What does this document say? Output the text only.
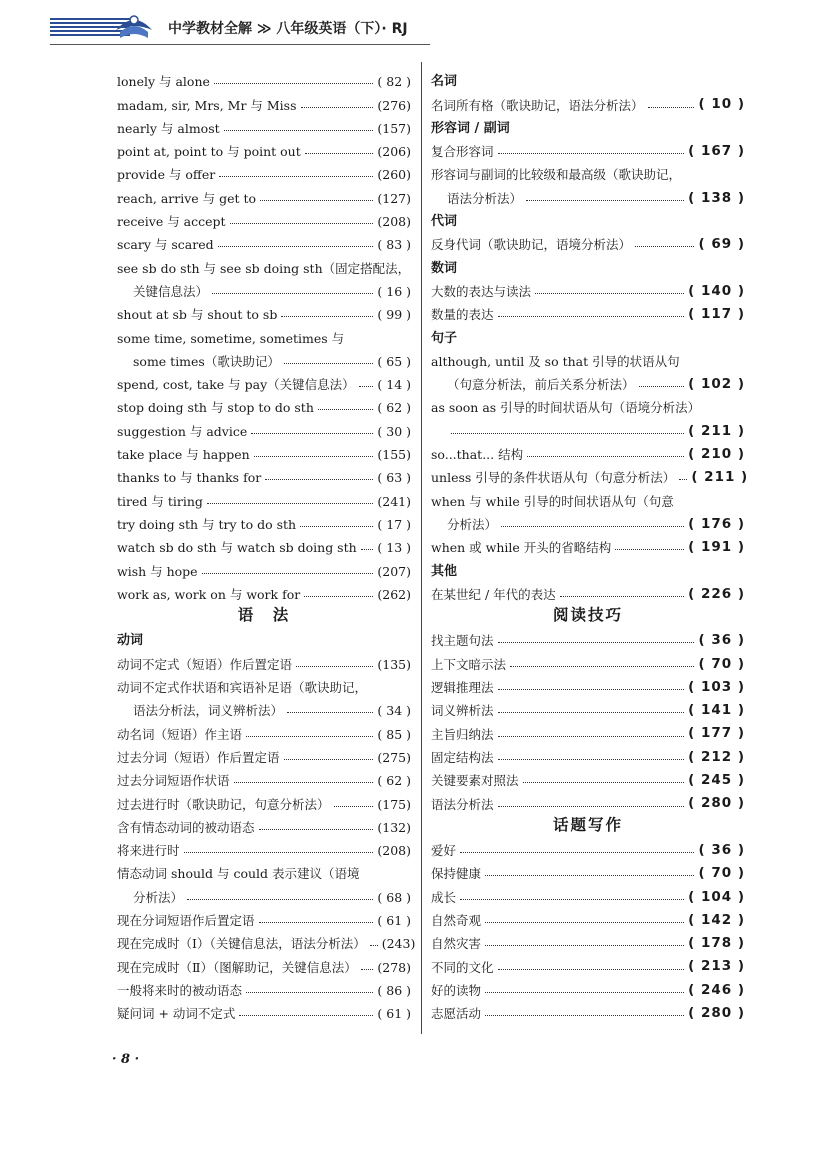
中学教材全解 ≫ 八年级英语（下）· RJ
lonely 与 alone	( 82 )
madam, sir, Mrs, Mr 与 Miss	(276)
nearly 与 almost	(157)
point at, point to 与 point out	(206)
provide 与 offer	(260)
reach, arrive 与 get to	(127)
receive 与 accept	(208)
scary 与 scared	( 83 )
see sb do sth 与 see sb doing sth（固定搭配法，
关键信息法）	( 16 )
shout at sb 与 shout to sb	( 99 )
some time, sometime, sometimes 与
some times（歌诀助记）	( 65 )
spend, cost, take 与 pay（关键信息法） ( 14 )
stop doing sth 与 stop to do sth	( 62 )
suggestion 与 advice	( 30 )
take place 与 happen	(155)
thanks to 与 thanks for	( 63 )
tired 与 tiring	(241)
try doing sth 与 try to do sth	( 17 )
watch sb do sth 与 watch sb doing sth ( 13 )
wish 与 hope	(207)
work as, work on 与 work for	(262)
语　法
动词
动词不定式（短语）作后置定语	(135)
动词不定式作状语和宾语补足语（歌诀助记，
语法分析法，词义辨析法）	( 34 )
动名词（短语）作主语	( 85 )
过去分词（短语）作后置定语	(275)
过去分词短语作状语	( 62 )
过去进行时（歌诀助记，句意分析法）	(175)
含有情态动词的被动语态	(132)
将来进行时	(208)
情态动词 should 与 could 表示建议（语境
分析法）	( 68 )
现在分词短语作后置定语	( 61 )
现在完成时（Ⅰ）（关键信息法，语法分析法） (243)
现在完成时（Ⅱ）（图解助记，关键信息法） (278)
一般将来时的被动语态	( 86 )
疑问词 + 动词不定式	( 61 )
名词
名词所有格（歌诀助记，语法分析法）	( 10 )
形容词 / 副词
复合形容词	( 167 )
形容词与副词的比较级和最高级（歌诀助记，
语法分析法）	( 138 )
代词
反身代词（歌诀助记，语境分析法）	( 69 )
数词
大数的表达与读法	( 140 )
数量的表达	( 117 )
句子
although, until 及 so that 引导的状语从句
（句意分析法，前后关系分析法）	( 102 )
as soon as 引导的时间状语从句（语境分析法）
( 211 )
so...that... 结构	( 210 )
unless 引导的条件状语从句（句意分析法） ( 211 )
when 与 while 引导的时间状语从句（句意
分析法）	( 176 )
when 或 while 开头的省略结构	( 191 )
其他
在某世纪 / 年代的表达	( 226 )
阅读技巧
找主题句法	( 36 )
上下文暗示法	( 70 )
逻辑推理法	( 103 )
词义辨析法	( 141 )
主旨归纳法	( 177 )
固定结构法	( 212 )
关键要素对照法	( 245 )
语法分析法	( 280 )
话题写作
爱好	( 36 )
保持健康	( 70 )
成长	( 104 )
自然奇观	( 142 )
自然灾害	( 178 )
不同的文化	( 213 )
好的读物	( 246 )
志愿活动	( 280 )
· 8 ·
